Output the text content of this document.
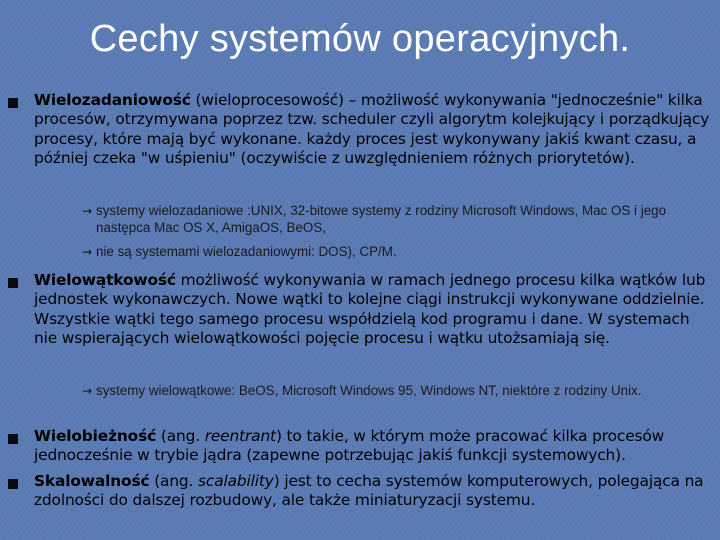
Cechy systemów operacyjnych.
Wielozadaniowość (wieloprocesowość) – możliwość wykonywania "jednocześnie" kilka procesów, otrzymywana poprzez tzw. scheduler czyli algorytm kolejkujący i porządkujący procesy, które mają być wykonane. każdy proces jest wykonywany jakiś kwant czasu, a później czeka "w uśpieniu" (oczywiście z uwzględnieniem różnych priorytetów).
→ systemy wielozadaniowe :UNIX, 32-bitowe systemy z rodziny Microsoft Windows, Mac OS i jego następca Mac OS X, AmigaOS, BeOS,
→ nie są systemami wielozadaniowymi: DOS), CP/M.
Wielowątkowość możliwość wykonywania w ramach jednego procesu kilka wątków lub jednostek wykonawczych. Nowe wątki to kolejne ciągi instrukcji wykonywane oddzielnie. Wszystkie wątki tego samego procesu współdzielą kod programu i dane. W systemach nie wspierających wielowątkowości pojęcie procesu i wątku utożsamiają się.
→ systemy wielowątkowe: BeOS, Microsoft Windows 95, Windows NT, niektóre z rodziny Unix.
Wielobieżność (ang. reentrant) to takie, w którym może pracować kilka procesów jednocześnie w trybie jądra (zapewne potrzebując jakiś funkcji systemowych).
Skalowalność (ang. scalability) jest to cecha systemów komputerowych, polegająca na zdolności do dalszej rozbudowy, ale także miniaturyzacji systemu.
